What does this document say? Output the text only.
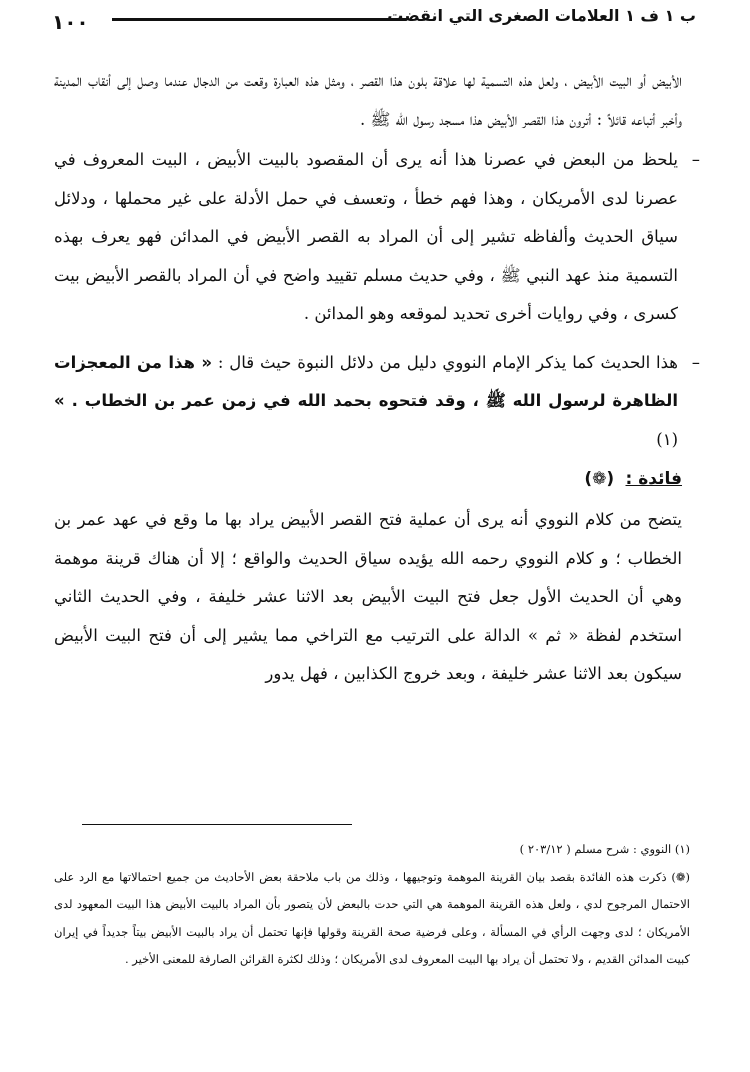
ب ١ ف ١ العلامات الصغرى التي انقضت
١٠٠

الأبيض أو البيت الأبيض ، ولعل هذه التسمية لها علاقة بلون هذا القصر ، ومثل هذه العبارة وقعت من الدجال عندما وصل إلى أنقاب المدينة وأخبر أتباعه قائلاً : أترون هذا القصر الأبيض هذا مسجد رسول الله ﷺ .

–
يلحظ من البعض في عصرنا هذا أنه يرى أن المقصود بالبيت الأبيض ، البيت المعروف في عصرنا لدى الأمريكان ، وهذا فهم خطأ ، وتعسف في حمل الأدلة على غير محملها ، ودلائل سياق الحديث وألفاظه تشير إلى أن المراد به القصر الأبيض في المدائن فهو يعرف بهذه التسمية منذ عهد النبي ﷺ ، وفي حديث مسلم تقييد واضح في أن المراد بالقصر الأبيض بيت كسرى ، وفي روايات أخرى تحديد لموقعه وهو المدائن .
–
هذا الحديث كما يذكر الإمام النووي دليل من دلائل النبوة حيث قال : « هذا من المعجزات الظاهرة لرسول الله ﷺ ، وقد فتحوه بحمد الله في زمن عمر بن الخطاب . » (١)
فائدة : (❁)

يتضح من كلام النووي أنه يرى أن عملية فتح القصر الأبيض يراد بها ما وقع في عهد عمر بن الخطاب ؛ و كلام النووي رحمه الله يؤيده سياق الحديث والواقع ؛ إلا أن هناك قرينة موهمة وهي أن الحديث الأول جعل فتح البيت الأبيض بعد الاثنا عشر خليفة ، وفي الحديث الثاني استخدم لفظة « ثم » الدالة على الترتيب مع التراخي مما يشير إلى أن فتح البيت الأبيض سيكون بعد الاثنا عشر خليفة ، وبعد خروج الكذابين ، فهل يدور

(١) النووي : شرح مسلم ( ٢٠٣/١٢ )

(❁) ذكرت هذه الفائدة بقصد بيان القرينة الموهمة وتوجيهها ، وذلك من باب ملاحقة بعض الأحاديث من جميع احتمالاتها مع الرد على الاحتمال المرجوح لدي ، ولعل هذه القرينة الموهمة هي التي حدت بالبعض لأن يتصور بأن المراد بالبيت الأبيض هذا البيت المعهود لدى الأمريكان ؛ لدى وجهت الرأي في المسألة ، وعلى فرضية صحة القرينة وقولها فإنها تحتمل أن يراد بالبيت الأبيض بيتاً جديداً في إيران كبيت المدائن القديم ، ولا تحتمل أن يراد بها البيت المعروف لدى الأمريكان ؛ وذلك لكثرة القرائن الصارفة للمعنى الأخير .
